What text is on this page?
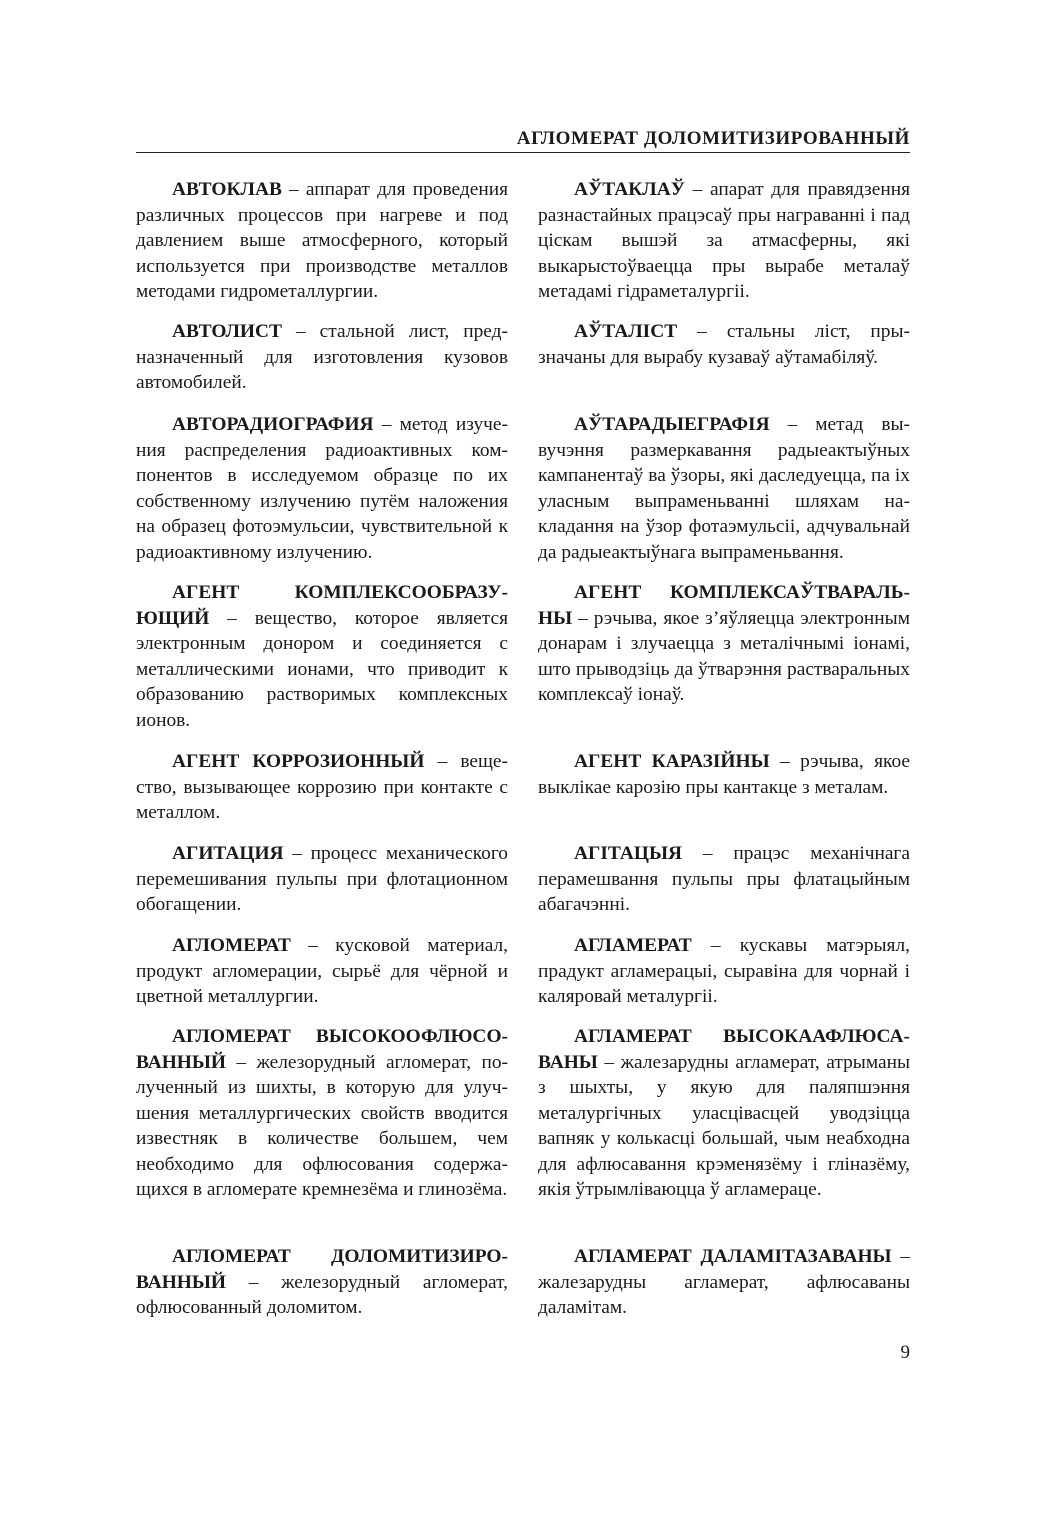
АГЛОМЕРАТ ДОЛОМИТИЗИРОВАННЫЙ

АВТОКЛАВ – аппарат для проведения различных процессов при нагреве и под давлением выше атмосферного, который используется при производстве металлов методами гидрометаллургии.

АВТОЛИСТ – стальной лист, предназначенный для изготовления кузовов автомобилей.

АВТОРАДИОГРАФИЯ – метод изучения распределения радиоактивных компонентов в исследуемом образце по их собственному излучению путём наложения на образец фотоэмульсии, чувствительной к радиоактивному излучению.

АГЕНТ КОМПЛЕКСООБРАЗУЮЩИЙ – вещество, которое является электронным донором и соединяется с металлическими ионами, что приводит к образованию растворимых комплексных ионов.

АГЕНТ КОРРОЗИОННЫЙ – вещество, вызывающее коррозию при контакте с металлом.

АГИТАЦИЯ – процесс механического перемешивания пульпы при флотационном обогащении.

АГЛОМЕРАТ – кусковой материал, продукт агломерации, сырьё для чёрной и цветной металлургии.

АГЛОМЕРАТ ВЫСОКООФЛЮСОВАННЫЙ – железорудный агломерат, полученный из шихты, в которую для улучшения металлургических свойств вводится известняк в количестве большем, чем необходимо для офлюсования содержащихся в агломерате кремнезёма и глинозёма.

АГЛОМЕРАТ ДОЛОМИТИЗИРОВАННЫЙ – железорудный агломерат, офлюсованный доломитом.

АЎТАКЛАЎ – апарат для правядзення разнастайных працэсаў пры награванні і пад ціскам вышэй за атмасферны, які выкарыстоўваецца пры вырабе металаў метадамі гідраметалургіі.

АЎТАЛІСТ – стальны ліст, прызначаны для вырабу кузаваў аўтамабіляў.

АЎТАРАДЫЕГРАФІЯ – метад вывучэння размеркавання радыеактыўных кампанентаў ва ўзоры, які даследуецца, па іх уласным выпраменьванні шляхам накладання на ўзор фотаэмульсіі, адчувальнай да радыеактыўнага выпраменьвання.

АГЕНТ КОМПЛЕКСАЎТВАРАЛЬНЫ – рэчыва, якое з’яўляецца электронным донарам і злучаецца з металічнымі іонамі, што прыводзіць да ўтварэння растваральных комплексаў іонаў.

АГЕНТ КАРАЗІЙНЫ – рэчыва, якое выклікае карозію пры кантакце з металам.

АГІТАЦЫЯ – працэс механічнага перамешвання пульпы пры флатацыйным абагачэнні.

АГЛАМЕРАТ – кускавы матэрыял, прадукт агламерацыі, сыравіна для чорнай і каляровай металургіі.

АГЛАМЕРАТ ВЫСОКААФЛЮСАВАНЫ – жалезарудны агламерат, атрыманы з шыхты, у якую для паляпшэння металургічных уласцівасцей уводзіцца вапняк у колькасці большай, чым неабходна для афлюсавання крэменязёму і гліназёму, якія ўтрымліваюцца ў агламераце.

АГЛАМЕРАТ ДАЛАМІТАЗАВАНЫ – жалезарудны агламерат, афлюсаваны даламітам.

9
